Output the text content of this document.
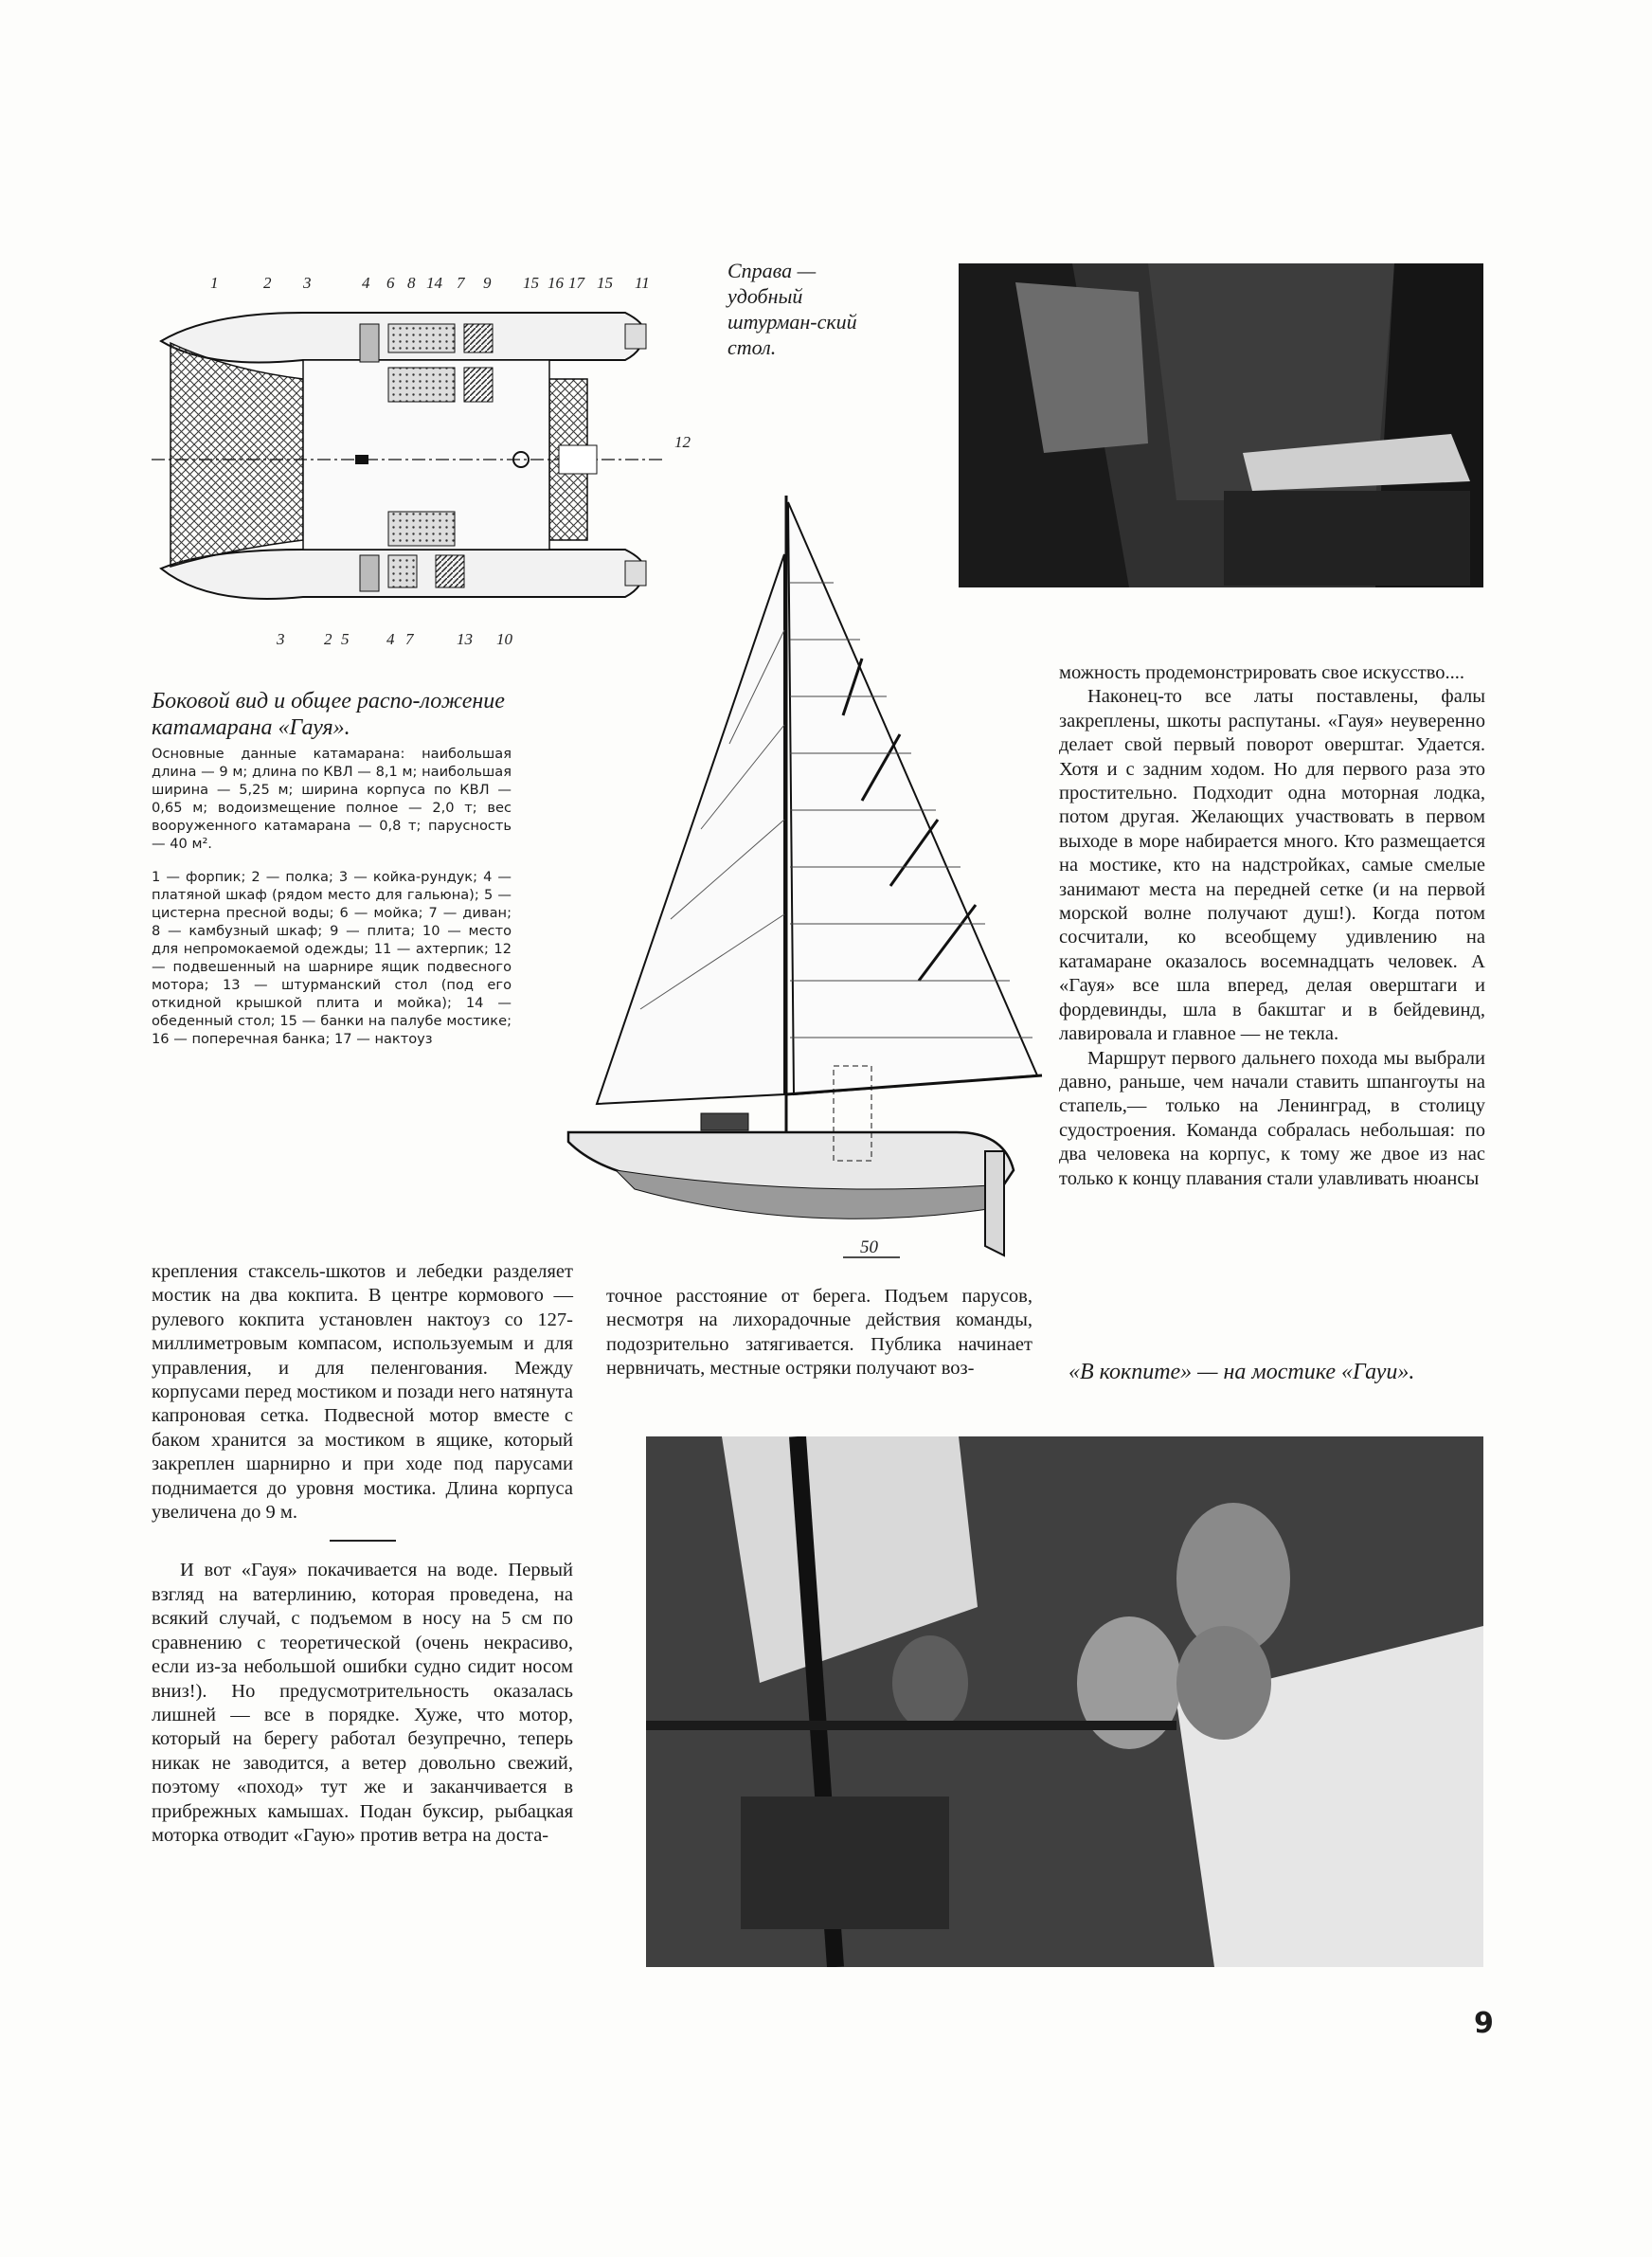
1	2 3	4 6 8 14 7 9 15 16 17 15 11
12
3 2 5 4 7	13 10
Справа — удобный штурман-ский стол.
Боковой вид и общее распо-ложение катамарана «Гауя».
Основные данные катамарана: наибольшая длина — 9 м; длина по КВЛ — 8,1 м; наибольшая ширина — 5,25 м; ширина корпуса по КВЛ — 0,65 м; водоизмещение полное — 2,0 т; вес вооруженного катамарана — 0,8 т; парусность — 40 м².
1 — форпик; 2 — полка; 3 — койка-рундук; 4 — платяной шкаф (рядом место для гальюна); 5 — цистерна пресной воды; 6 — мойка; 7 — диван; 8 — камбузный шкаф; 9 — плита; 10 — место для непромокаемой одежды; 11 — ахтерпик; 12 — подвешенный на шарнире ящик подвесного мотора; 13 — штурманский стол (под его откидной крышкой плита и мойка); 14 — обеденный стол; 15 — банки на палубе мостике; 16 — поперечная банка; 17 — нактоуз
50

можность продемонстрировать свое искусство....

Наконец-то все латы поставлены, фалы закреплены, шкоты распутаны. «Гауя» неуверенно делает свой первый поворот оверштаг. Удается. Хотя и с задним ходом. Но для первого раза это простительно. Подходит одна моторная лодка, потом другая. Желающих участвовать в первом выходе в море набирается много. Кто размещается на мостике, кто на надстройках, самые смелые занимают места на передней сетке (и на первой морской волне получают душ!). Когда потом сосчитали, ко всеобщему удивлению на катамаране оказалось восемнадцать человек. А «Гауя» все шла вперед, делая оверштаги и фордевинды, шла в бакштаг и в бейдевинд, лавировала и главное — не текла.

Маршрут первого дальнего похода мы выбрали давно, раньше, чем начали ставить шпангоуты на стапель,— только на Ленинград, в столицу судостроения. Команда собралась небольшая: по два человека на корпус, к тому же двое из нас только к концу плавания стали улавливать нюансы

«В кокпите» — на мостике «Гауи».

крепления стаксель-шкотов и лебедки разделяет мостик на два кокпита. В центре кормового — рулевого кокпита установлен нактоуз со 127-миллиметровым компасом, используемым и для управления, и для пеленгования. Между корпусами перед мостиком и позади него натянута капроновая сетка. Подвесной мотор вместе с баком хранится за мостиком в ящике, который закреплен шарнирно и при ходе под парусами поднимается до уровня мостика. Длина корпуса увеличена до 9 м.

И вот «Гауя» покачивается на воде. Первый взгляд на ватерлинию, которая проведена, на всякий случай, с подъемом в носу на 5 см по сравнению с теоретической (очень некрасиво, если из-за небольшой ошибки судно сидит носом вниз!). Но предусмотрительность оказалась лишней — все в порядке. Хуже, что мотор, который на берегу работал безупречно, теперь никак не заводится, а ветер довольно свежий, поэтому «поход» тут же и заканчивается в прибрежных камышах. Подан буксир, рыбацкая моторка отводит «Гаую» против ветра на доста-

точное расстояние от берега. Подъем парусов, несмотря на лихорадочные действия команды, подозрительно затягивается. Публика начинает нервничать, местные остряки получают воз-

9
